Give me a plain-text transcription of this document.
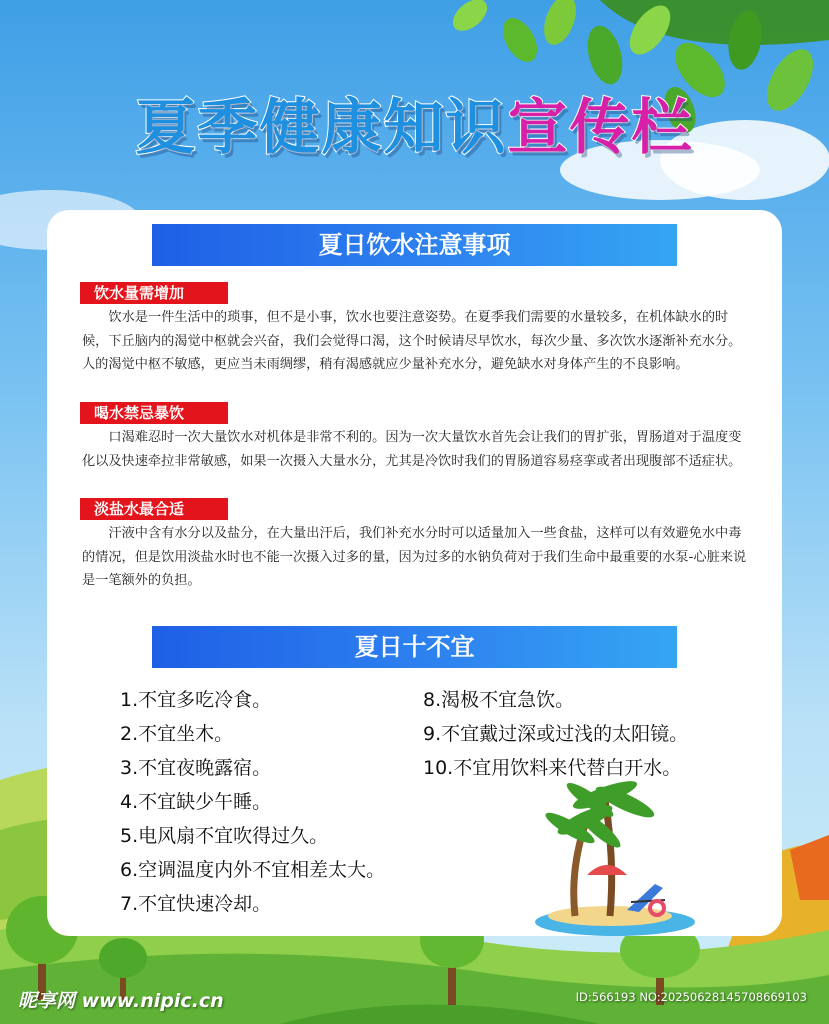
夏季健康知识宣传栏
夏日饮水注意事项
饮水量需增加

饮水是一件生活中的琐事，但不是小事，饮水也要注意姿势。在夏季我们需要的水量较多，在机体缺水的时候，下丘脑内的渴觉中枢就会兴奋，我们会觉得口渴，这个时候请尽早饮水，每次少量、多次饮水逐渐补充水分。人的渴觉中枢不敏感，更应当未雨绸缪，稍有渴感就应少量补充水分，避免缺水对身体产生的不良影响。

喝水禁忌暴饮

口渴难忍时一次大量饮水对机体是非常不利的。因为一次大量饮水首先会让我们的胃扩张，胃肠道对于温度变化以及快速牵拉非常敏感，如果一次摄入大量水分，尤其是冷饮时我们的胃肠道容易痉挛或者出现腹部不适症状。

淡盐水最合适

汗液中含有水分以及盐分，在大量出汗后，我们补充水分时可以适量加入一些食盐，这样可以有效避免水中毒的情况，但是饮用淡盐水时也不能一次摄入过多的量，因为过多的水钠负荷对于我们生命中最重要的水泵-心脏来说是一笔额外的负担。

夏日十不宜
1.不宜多吃冷食。
2.不宜坐木。
3.不宜夜晚露宿。
4.不宜缺少午睡。
5.电风扇不宜吹得过久。
6.空调温度内外不宜相差太大。
7.不宜快速冷却。
8.渴极不宜急饮。
9.不宜戴过深或过浅的太阳镜。
10.不宜用饮料来代替白开水。
昵享网 www.nipic.cn	ID:566193 NO:20250628145708669103
